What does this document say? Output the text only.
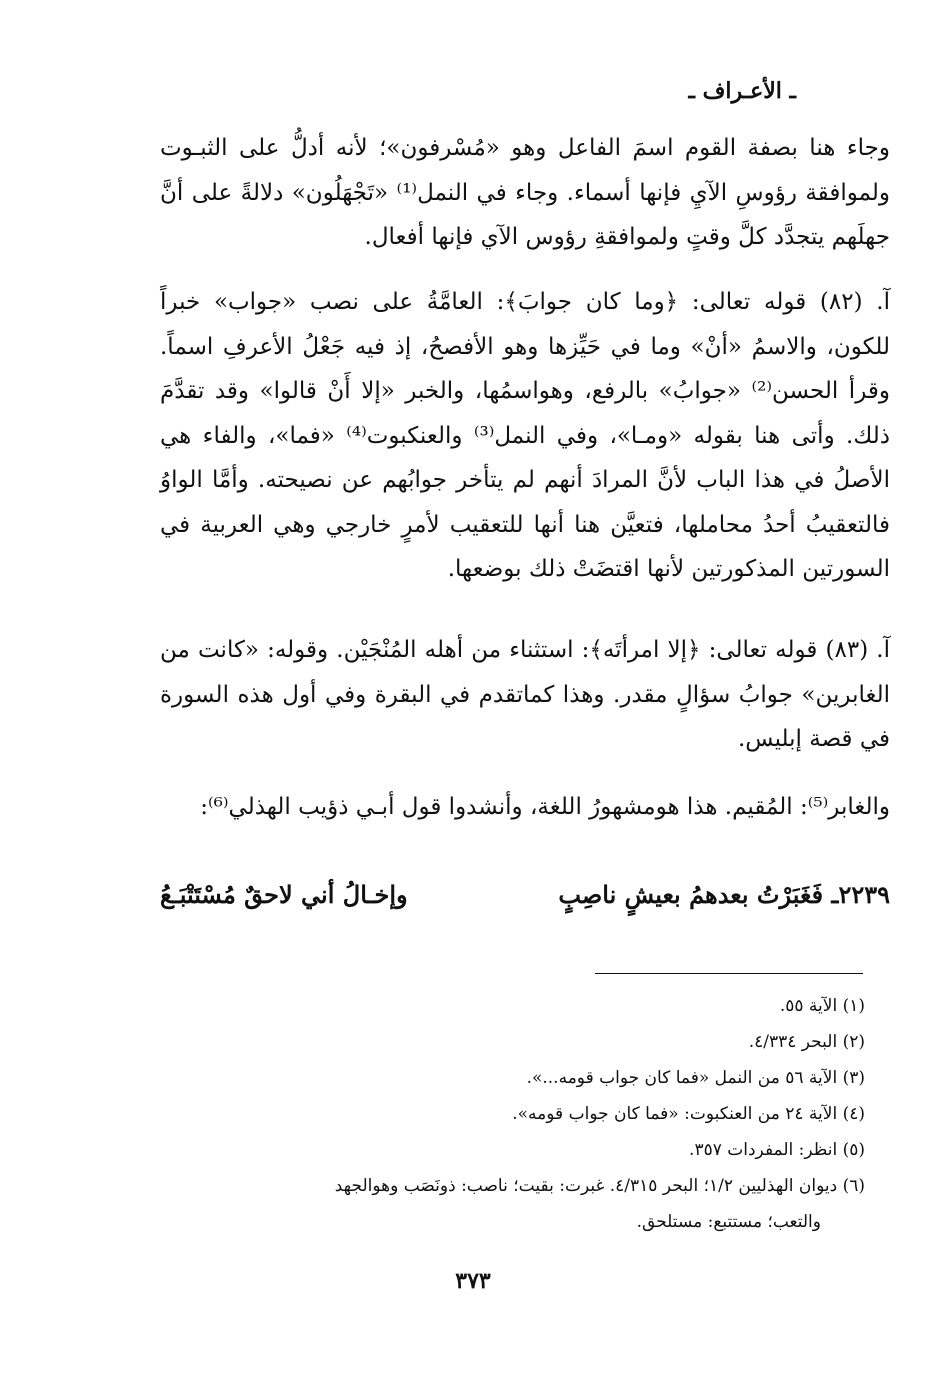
ـ الأعـراف ـ

وجاء هنا بصفة القوم اسمَ الفاعل وهو «مُسْرفون»؛ لأنه أدلُّ على الثبـوت ولموافقة رؤوسِ الآيِ فإنها أسماء. وجاء في النمل⁽¹⁾ «تَجْهَلُون» دلالةً على أنَّ جهلَهم يتجدَّد كلَّ وقتٍ ولموافقةِ رؤوس الآي فإنها أفعال.

آ. (٨٢) قوله تعالى: ﴿وما كان جوابَ﴾: العامَّةُ على نصب «جواب» خبراً للكون، والاسمُ «أنْ» وما في حَيِّزها وهو الأفصحُ، إذ فيه جَعْلُ الأعرفِ اسماً. وقرأ الحسن⁽²⁾ «جوابُ» بالرفع، وهواسمُها، والخبر «إلا أَنْ قالوا» وقد تقدَّمَ ذلك. وأتى هنا بقوله «ومـا»، وفي النمل⁽³⁾ والعنكبوت⁽⁴⁾ «فما»، والفاء هي الأصلُ في هذا الباب لأنَّ المرادَ أنهم لم يتأخر جوابُهم عن نصيحته. وأمَّا الواوُ فالتعقيبُ أحدُ محاملها، فتعيَّن هنا أنها للتعقيب لأمرٍ خارجي وهي العربية في السورتين المذكورتين لأنها اقتضَتْ ذلك بوضعها.

آ. (٨٣) قوله تعالى: ﴿إلا امرأتَه﴾: استثناء من أهله المُنْجَيْن. وقوله: «كانت من الغابرين» جوابُ سؤالٍ مقدر. وهذا كماتقدم في البقرة وفي أول هذه السورة في قصة إبليس.

والغابر⁽⁵⁾: المُقيم. هذا هومشهورُ اللغة، وأنشدوا قول أبـي ذؤيب الهذلي⁽⁶⁾:

٢٢٣٩ـ فَغَبَرْتُ بعدهمُ بعيشٍ ناصِبٍ
وإخـالُ أني لاحقٌ مُسْتَتْبَـعُ

(١) الآية ٥٥.

(٢) البحر ٤/٣٣٤.

(٣) الآية ٥٦ من النمل «فما كان جواب قومه...».

(٤) الآية ٢٤ من العنكبوت: «فما كان جواب قومه».

(٥) انظر: المفردات ٣٥٧.

(٦) ديوان الهذليين ١/٢؛ البحر ٤/٣١٥. غبرت: بقيت؛ ناصب: ذونَصَب وهوالجهد

والتعب؛ مستتبع: مستلحق.

٣٧٣
